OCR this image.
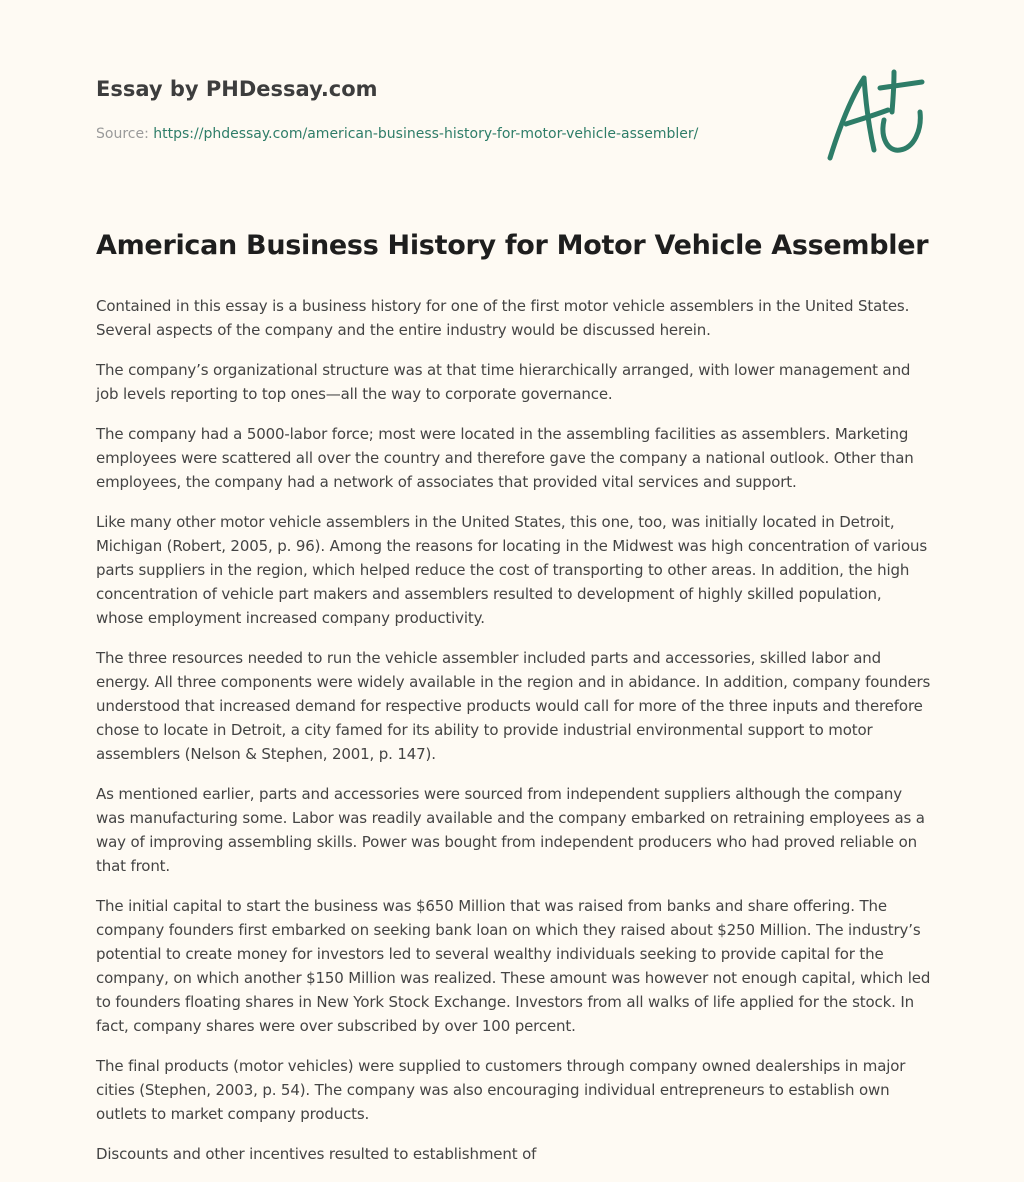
Essay by PHDessay.com
Source: https://phdessay.com/american-business-history-for-motor-vehicle-assembler/
American Business History for Motor Vehicle Assembler

Contained in this essay is a business history for one of the first motor vehicle assemblers in the United States. Several aspects of the company and the entire industry would be discussed herein.

The company’s organizational structure was at that time hierarchically arranged, with lower management and job levels reporting to top ones—all the way to corporate governance.

The company had a 5000-labor force; most were located in the assembling facilities as assemblers. Marketing employees were scattered all over the country and therefore gave the company a national outlook. Other than employees, the company had a network of associates that provided vital services and support.

Like many other motor vehicle assemblers in the United States, this one, too, was initially located in Detroit, Michigan (Robert, 2005, p. 96). Among the reasons for locating in the Midwest was high concentration of various parts suppliers in the region, which helped reduce the cost of transporting to other areas. In addition, the high concentration of vehicle part makers and assemblers resulted to development of highly skilled population, whose employment increased company productivity.

The three resources needed to run the vehicle assembler included parts and accessories, skilled labor and energy. All three components were widely available in the region and in abidance. In addition, company founders understood that increased demand for respective products would call for more of the three inputs and therefore chose to locate in Detroit, a city famed for its ability to provide industrial environmental support to motor assemblers (Nelson & Stephen, 2001, p. 147).

As mentioned earlier, parts and accessories were sourced from independent suppliers although the company was manufacturing some. Labor was readily available and the company embarked on retraining employees as a way of improving assembling skills. Power was bought from independent producers who had proved reliable on that front.

The initial capital to start the business was $650 Million that was raised from banks and share offering. The company founders first embarked on seeking bank loan on which they raised about $250 Million. The industry’s potential to create money for investors led to several wealthy individuals seeking to provide capital for the company, on which another $150 Million was realized. These amount was however not enough capital, which led to founders floating shares in New York Stock Exchange. Investors from all walks of life applied for the stock. In fact, company shares were over subscribed by over 100 percent.

The final products (motor vehicles) were supplied to customers through company owned dealerships in major cities (Stephen, 2003, p. 54). The company was also encouraging individual entrepreneurs to establish own outlets to market company products.

Discounts and other incentives resulted to establishment of
